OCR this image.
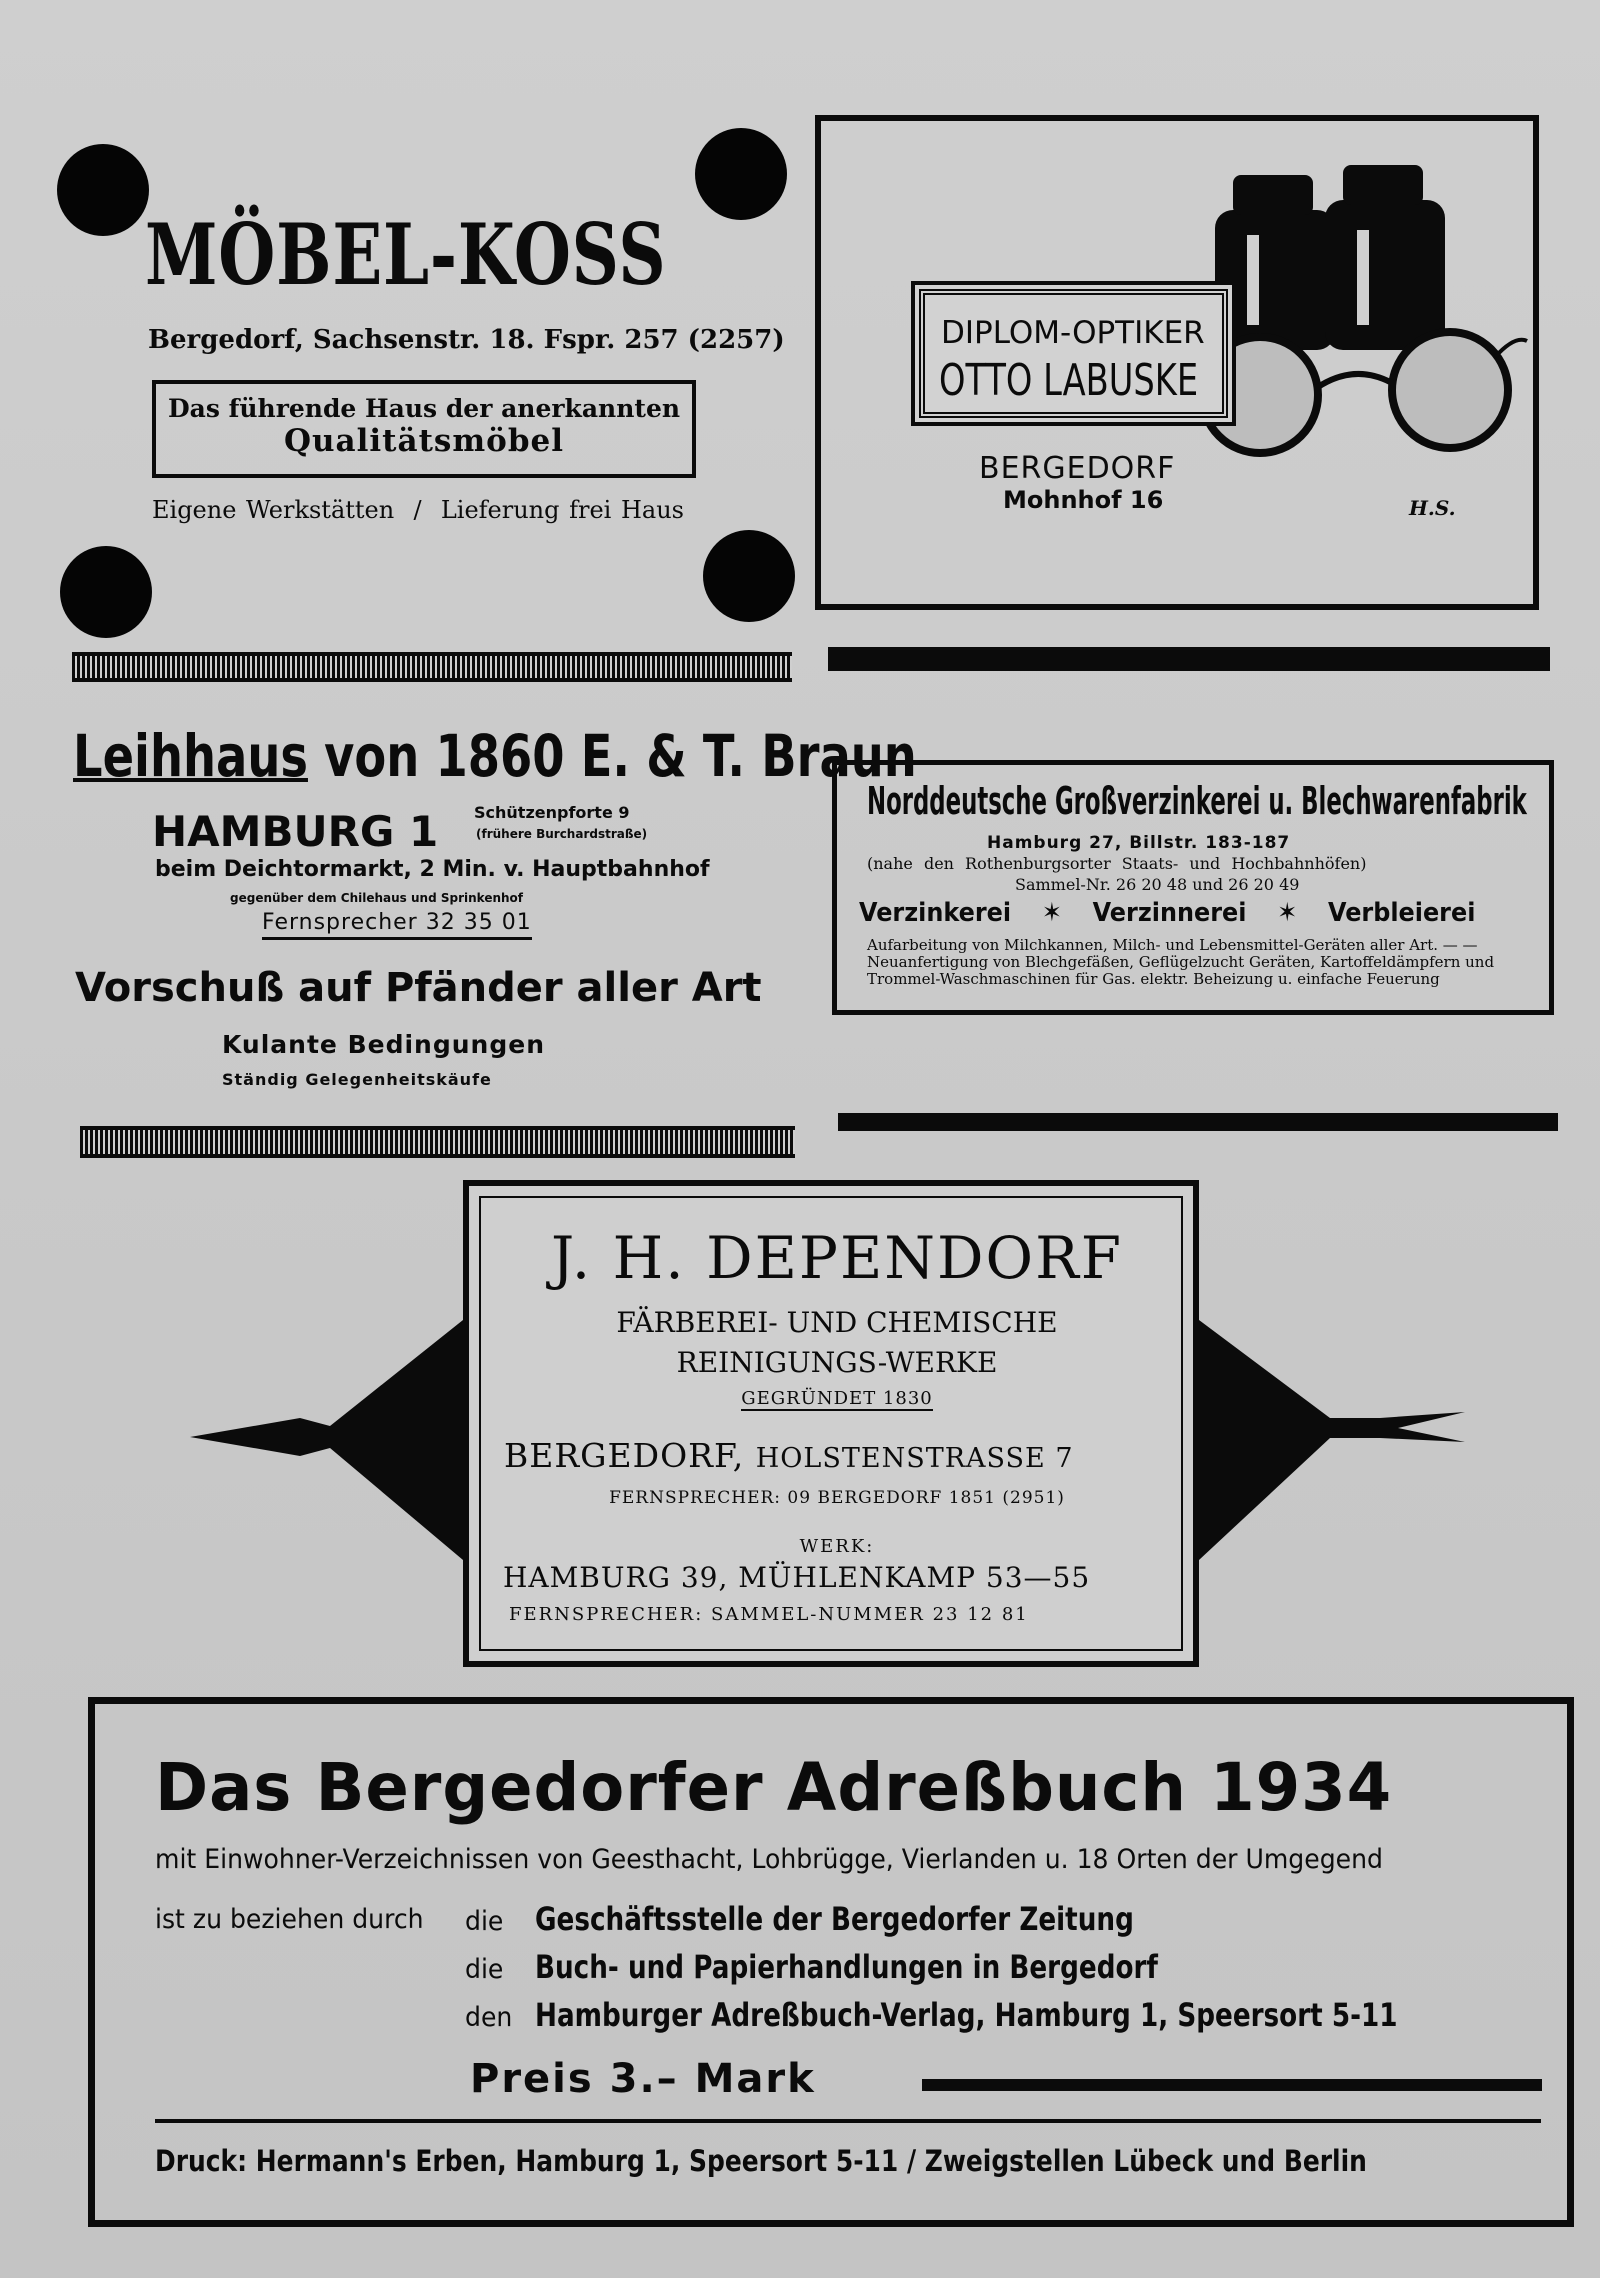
MÖBEL-KOSS
Bergedorf, Sachsenstr. 18. Fspr. 257 (2257)
Das führende Haus der anerkannten
Qualitätsmöbel
Eigene Werkstätten / Lieferung frei Haus
DIPLOM-OPTIKER
OTTO LABUSKE
BERGEDORF
Mohnhof 16	H.S.
Leihhaus von 1860 E. & T. Braun
HAMBURG 1 Schützenpforte 9
(frühere Burchardstraße)
beim Deichtormarkt, 2 Min. v. Hauptbahnhof
gegenüber dem Chilehaus und Sprinkenhof
Fernsprecher 32 35 01
Vorschuß auf Pfänder aller Art
Kulante Bedingungen
Ständig Gelegenheitskäufe
Norddeutsche Großverzinkerei u. Blechwarenfabrik
Hamburg 27, Billstr. 183-187
(nahe den Rothenburgsorter Staats- und Hochbahnhöfen)
Sammel-Nr. 26 20 48 und 26 20 49
Verzinkerei ✶ Verzinnerei ✶ Verbleierei
Aufarbeitung von Milchkannen, Milch- und Lebensmittel-Geräten aller Art. — — Neuanfertigung von Blechgefäßen, Geflügelzucht Geräten, Kartoffeldämpfern und Trommel-Waschmaschinen für Gas. elektr. Beheizung u. einfache Feuerung
J. H. DEPENDORF
FÄRBEREI- UND CHEMISCHE
REINIGUNGS-WERKE
GEGRÜNDET 1830
BERGEDORF, HOLSTENSTRASSE 7
FERNSPRECHER: 09 BERGEDORF 1851 (2951)
WERK:
HAMBURG 39, MÜHLENKAMP 53—55
FERNSPRECHER: SAMMEL-NUMMER 23 12 81
Das Bergedorfer Adreßbuch 1934
mit Einwohner-Verzeichnissen von Geesthacht, Lohbrügge, Vierlanden u. 18 Orten der Umgegend
ist zu beziehen durch die Geschäftsstelle der Bergedorfer Zeitung
die Buch- und Papierhandlungen in Bergedorf
den Hamburger Adreßbuch-Verlag, Hamburg 1, Speersort 5-11
Preis 3.– Mark
Druck: Hermann's Erben, Hamburg 1, Speersort 5-11 / Zweigstellen Lübeck und Berlin
